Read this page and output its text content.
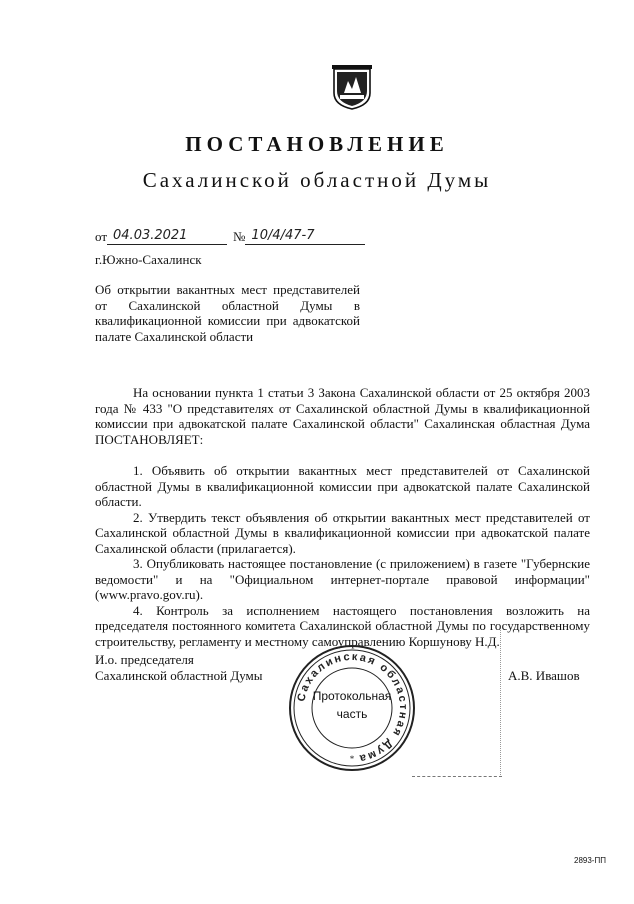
ПОСТАНОВЛЕНИЕ
Сахалинской областной Думы
от 04.03.2021	№ 10/4/47-7
г.Южно-Сахалинск
Об открытии вакантных мест представителей от Сахалинской областной Думы в квалификационной комиссии при адвокатской палате Сахалинской области

На основании пункта 1 статьи 3 Закона Сахалинской области от 25 октября 2003 года № 433 "О представителях от Сахалинской областной Думы в квалификационной комиссии при адвокатской палате Сахалинской области" Сахалинская областная Дума ПОСТАНОВЛЯЕТ:

1. Объявить об открытии вакантных мест представителей от Сахалинской областной Думы в квалификационной комиссии при адвокатской палате Сахалинской области.

2. Утвердить текст объявления об открытии вакантных мест представителей от Сахалинской областной Думы в квалификационной комиссии при адвокатской палате Сахалинской области (прилагается).

3. Опубликовать настоящее постановление (с приложением) в газете "Губернские ведомости" и на "Официальном интернет-портале правовой информации" (www.pravo.gov.ru).

4. Контроль за исполнением настоящего постановления возложить на председателя постоянного комитета Сахалинской областной Думы по государственному строительству, регламенту и местному самоуправлению Коршунову Н.Д.

И.о. председателя
Сахалинской областной Думы	А.В. Ивашов
Сахалинская областная Дума
*
Протокольная
часть
2893-ПП
